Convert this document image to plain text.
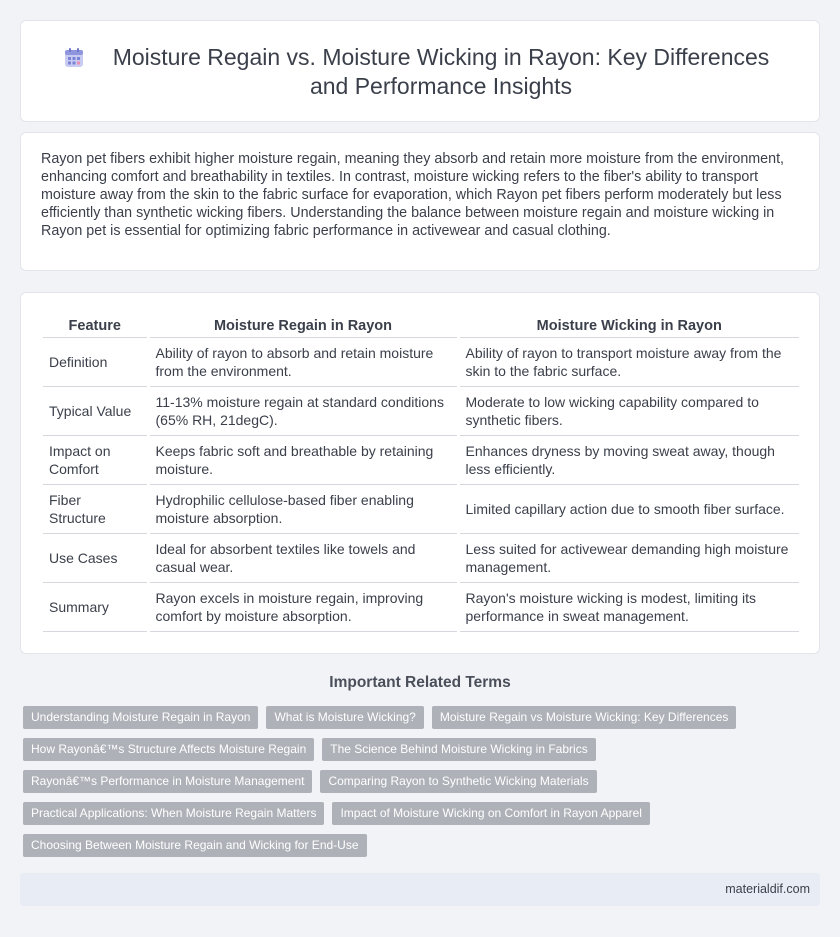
Moisture Regain vs. Moisture Wicking in Rayon: Key Differences and Performance Insights

Rayon pet fibers exhibit higher moisture regain, meaning they absorb and retain more moisture from the environment, enhancing comfort and breathability in textiles. In contrast, moisture wicking refers to the fiber's ability to transport moisture away from the skin to the fabric surface for evaporation, which Rayon pet fibers perform moderately but less efficiently than synthetic wicking fibers. Understanding the balance between moisture regain and moisture wicking in Rayon pet is essential for optimizing fabric performance in activewear and casual clothing.

Feature	Moisture Regain in Rayon	Moisture Wicking in Rayon
Definition	Ability of rayon to absorb and retain moisture from the environment.	Ability of rayon to transport moisture away from the skin to the fabric surface.
Typical Value	11-13% moisture regain at standard conditions (65% RH, 21degC).	Moderate to low wicking capability compared to synthetic fibers.
Impact on Comfort	Keeps fabric soft and breathable by retaining moisture.	Enhances dryness by moving sweat away, though less efficiently.
Fiber Structure	Hydrophilic cellulose-based fiber enabling moisture absorption.	Limited capillary action due to smooth fiber surface.
Use Cases	Ideal for absorbent textiles like towels and casual wear.	Less suited for activewear demanding high moisture management.
Summary	Rayon excels in moisture regain, improving comfort by moisture absorption.	Rayon's moisture wicking is modest, limiting its performance in sweat management.
Important Related Terms
Understanding Moisture Regain in Rayon	What is Moisture Wicking?	Moisture Regain vs Moisture Wicking: Key Differences
How Rayonâ€™s Structure Affects Moisture Regain	The Science Behind Moisture Wicking in Fabrics
Rayonâ€™s Performance in Moisture Management	Comparing Rayon to Synthetic Wicking Materials
Practical Applications: When Moisture Regain Matters	Impact of Moisture Wicking on Comfort in Rayon Apparel
Choosing Between Moisture Regain and Wicking for End-Use
materialdif.com
